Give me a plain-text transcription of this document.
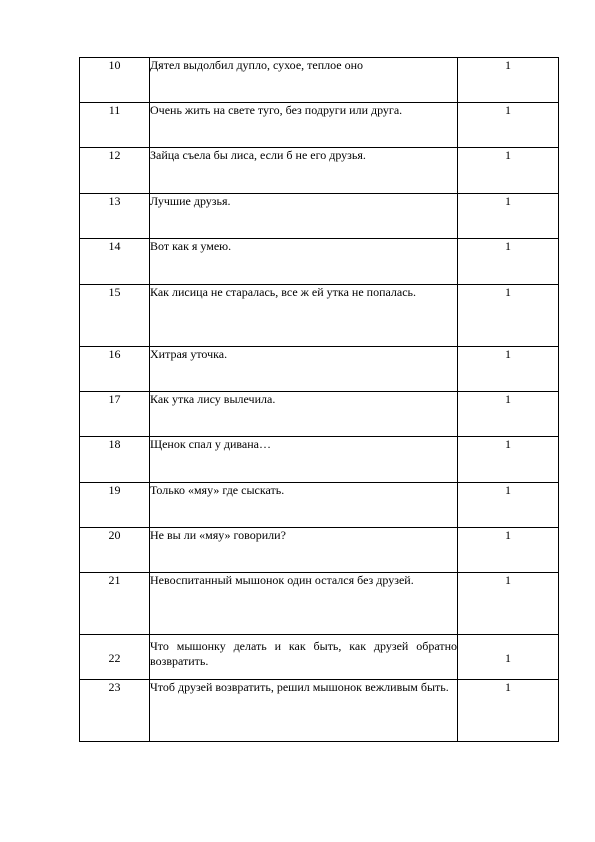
10	Дятел выдолбил дупло, сухое, теплое оно	1
11	Очень жить на свете туго, без подруги или друга.	1
12	Зайца съела бы лиса, если б не его друзья.	1
13	Лучшие друзья.	1
14	Вот как я умею.	1
15	Как лисица не старалась, все ж ей утка не попалась.	1
16	Хитрая уточка.	1
17	Как утка лису вылечила.	1
18	Щенок спал у дивана…	1
19	Только «мяу» где сыскать.	1
20	Не вы ли «мяу» говорили?	1
21	Невоспитанный мышонок один остался без друзей.	1
22	Что мышонку делать и как быть, как друзей обратно возвратить.	1
23	Чтоб друзей возвратить, решил мышонок вежливым быть.	1
